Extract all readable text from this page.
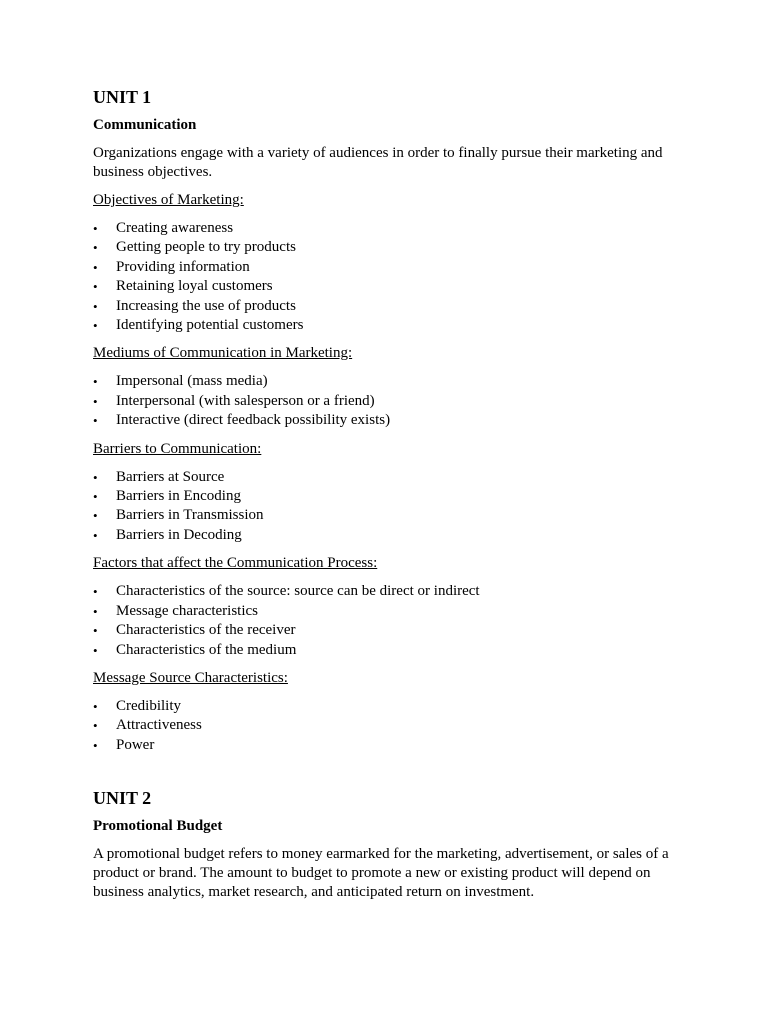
UNIT 1
Communication

Organizations engage with a variety of audiences in order to finally pursue their marketing and business objectives.

Objectives of Marketing:
• Creating awareness
• Getting people to try products
• Providing information
• Retaining loyal customers
• Increasing the use of products
• Identifying potential customers
Mediums of Communication in Marketing:
• Impersonal (mass media)
• Interpersonal (with salesperson or a friend)
• Interactive (direct feedback possibility exists)
Barriers to Communication:
• Barriers at Source
• Barriers in Encoding
• Barriers in Transmission
• Barriers in Decoding
Factors that affect the Communication Process:
• Characteristics of the source: source can be direct or indirect
• Message characteristics
• Characteristics of the receiver
• Characteristics of the medium
Message Source Characteristics:
• Credibility
• Attractiveness
• Power
UNIT 2
Promotional Budget

A promotional budget refers to money earmarked for the marketing, advertisement, or sales of a product or brand. The amount to budget to promote a new or existing product will depend on business analytics, market research, and anticipated return on investment.
